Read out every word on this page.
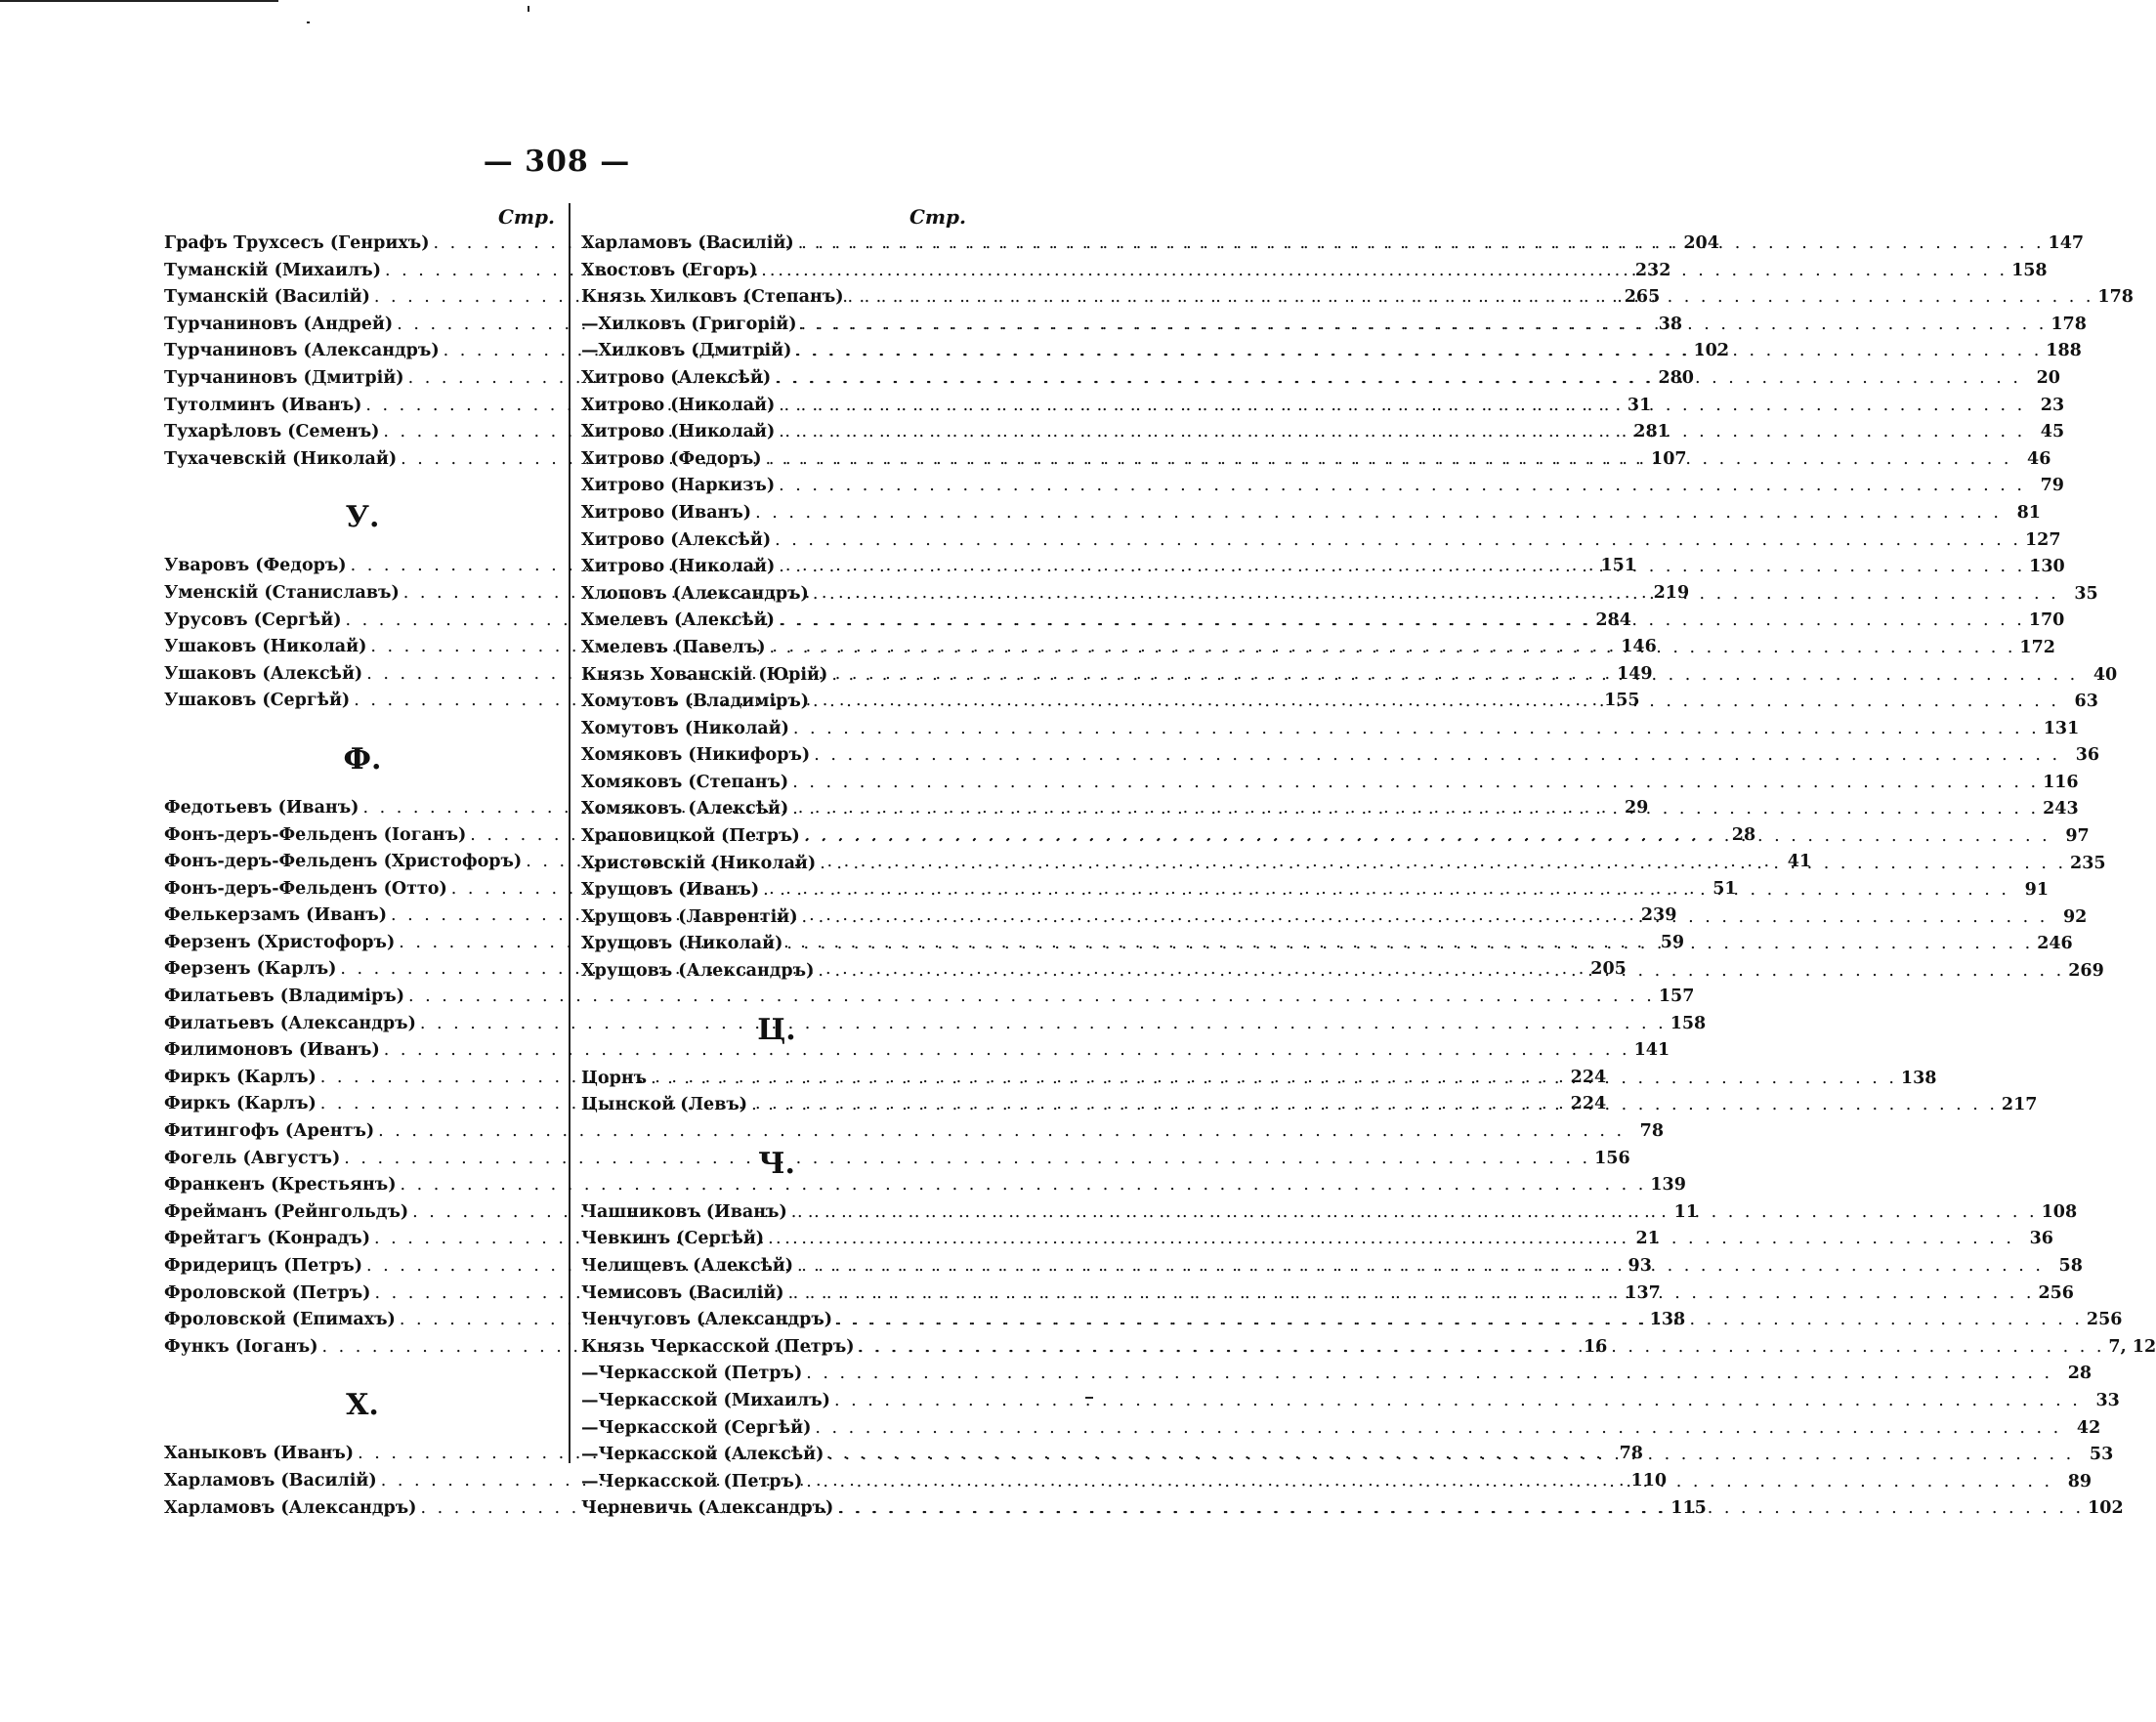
— 308 —
Стр.
Графъ Трухсесъ (Генрихъ) . . .	204
Туманскій (Михаилъ) . . .	232
Туманскій (Василій) . . .	265
Турчаниновъ (Андрей) . . .	38
Турчаниновъ (Александръ) . . .	102
Турчаниновъ (Дмитрій) . . .	280
Тутолминъ (Иванъ) . . .	31
Тухарѣловъ (Семенъ) . . .	281
Тухачевскій (Николай) . . .	107
У.
Уваровъ (Федоръ) . . .	151
Уменскій (Станиславъ) . . .	219
Урусовъ (Сергѣй) . . .	284
Ушаковъ (Николай) . . .	146
Ушаковъ (Алексѣй) . . .	149
Ушаковъ (Сергѣй) . . .	155
Ф.
Федотьевъ (Иванъ) . . .	29
Фонъ-деръ-Фельденъ (Іоганъ) . . .	28
Фонъ-деръ-Фельденъ (Христофоръ) . . .	41
Фонъ-деръ-Фельденъ (Отто) . . .	51
Фелькерзамъ (Иванъ) . . .	239
Ферзенъ (Христофоръ) . . .	59
Ферзенъ (Карлъ) . . .	205
Филатьевъ (Владиміръ) . . .	157
Филатьевъ (Александръ) . . .	158
Филимоновъ (Иванъ) . . .	141
Фиркъ (Карлъ) . . .	224
Фиркъ (Карлъ) . . .	224
Фитингофъ (Арентъ) . . .	78
Фогель (Августъ) . . .	156
Франкенъ (Крестьянъ) . . .	139
Фрейманъ (Рейнгольдъ) . . .	11
Фрейтагъ (Конрадъ) . . .	21
Фридерицъ (Петръ) . . .	93
Фроловской (Петръ) . . .	137
Фроловской (Епимахъ) . . .	138
Функъ (Іоганъ) . . .	16
Х.
Ханыковъ (Иванъ) . . .	78
Харламовъ (Василій) . . .	110
Харламовъ (Александръ) . . .	115
Стр.
Харламовъ (Василій) . . .	147
Хвостовъ (Егоръ) . . .	158
Князь Хилковъ (Степанъ) . . .	178
— Хилковъ (Григорій) . . .	178
— Хилковъ (Дмитрій) . . .	188
Хитрово (Алексѣй) . . .	20
Хитрово (Николай) . . .	23
Хитрово (Николай) . . .	45
Хитрово (Федоръ) . . .	46
Хитрово (Наркизъ) . . .	79
Хитрово (Иванъ) . . .	81
Хитрово (Алексѣй) . . .	127
Хитрово (Николай) . . .	130
Хлоповъ (Александръ) . . .	35
Хмелевъ (Алексѣй) . . .	170
Хмелевъ (Павелъ) . . .	172
Князь Хованскій (Юрій) . . .	40
Хомутовъ (Владиміръ) . . .	63
Хомутовъ (Николай) . . .	131
Хомяковъ (Никифоръ) . . .	36
Хомяковъ (Степанъ) . . .	116
Хомяковъ (Алексѣй) . . .	243
Храповицкой (Петръ) . . .	97
Христовскій (Николай) . . .	235
Хрущовъ (Иванъ) . . .	91
Хрущовъ (Лаврентій) . . .	92
Хрущовъ (Николай) . . .	246
Хрущовъ (Александръ) . . .	269
Ц.
Цорнъ . . .	138
Цынской (Левъ) . . .	217
Ч.
Чашниковъ (Иванъ) . . .	108
Чевкинъ (Сергѣй) . . .	36
Челищевъ (Алексѣй) . . .	58
Чемисовъ (Василій) . . .	256
Ченчуговъ (Александръ) . . .	256
Князь Черкасской (Петръ) . . .	7, 12
— Черкасской (Петръ) . . .	28
— Черкасской (Михаилъ) . . .	33
— Черкасской (Сергѣй) . . .	42
— Черкасской (Алексѣй) . . .	53
— Черкасской (Петръ) . . .	89
Черневичь (Александръ) . . .	102
